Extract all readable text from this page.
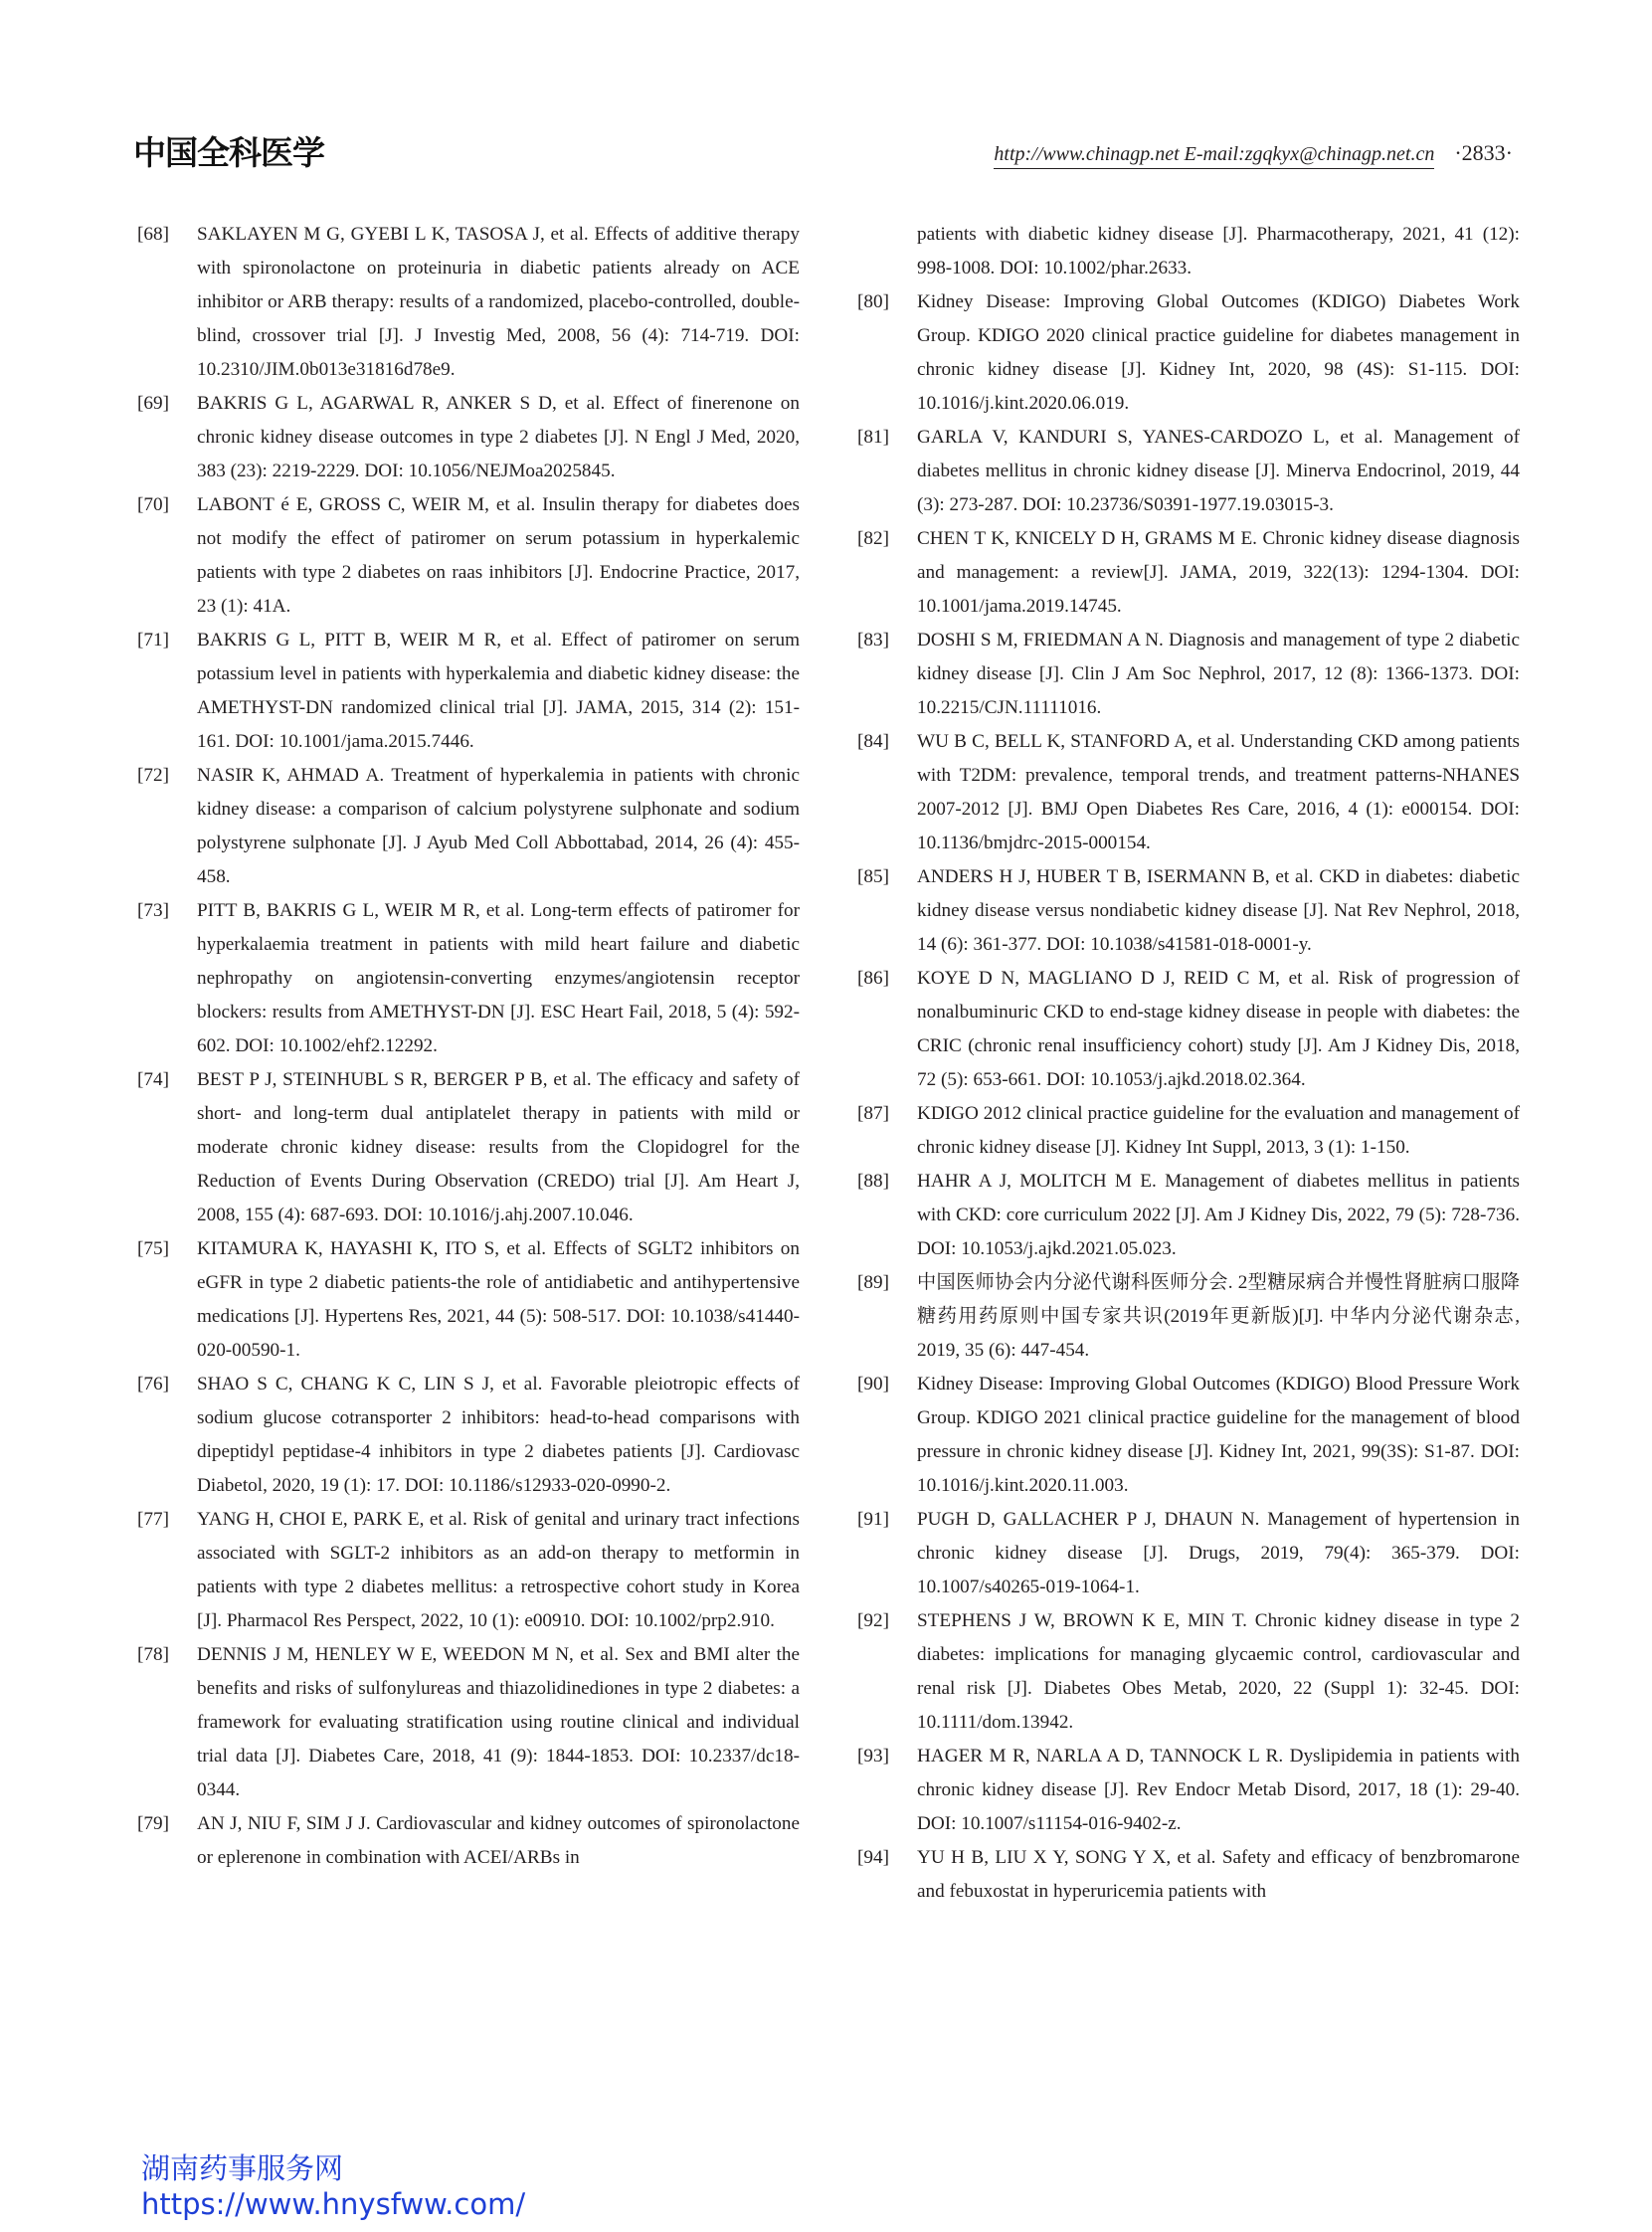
中国全科医学	http://www.chinagp.net E-mail:zgqkyx@chinagp.net.cn ·2833·
[68]	SAKLAYEN M G, GYEBI L K, TASOSA J, et al. Effects of additive therapy with spironolactone on proteinuria in diabetic patients already on ACE inhibitor or ARB therapy: results of a randomized, placebo-controlled, double-blind, crossover trial [J]. J Investig Med, 2008, 56 (4): 714-719. DOI: 10.2310/JIM.0b013e31816d78e9.
[69]	BAKRIS G L, AGARWAL R, ANKER S D, et al. Effect of finerenone on chronic kidney disease outcomes in type 2 diabetes [J]. N Engl J Med, 2020, 383 (23): 2219-2229. DOI: 10.1056/NEJMoa2025845.
[70]	LABONT é E, GROSS C, WEIR M, et al. Insulin therapy for diabetes does not modify the effect of patiromer on serum potassium in hyperkalemic patients with type 2 diabetes on raas inhibitors [J]. Endocrine Practice, 2017, 23 (1): 41A.
[71]	BAKRIS G L, PITT B, WEIR M R, et al. Effect of patiromer on serum potassium level in patients with hyperkalemia and diabetic kidney disease: the AMETHYST-DN randomized clinical trial [J]. JAMA, 2015, 314 (2): 151-161. DOI: 10.1001/jama.2015.7446.
[72]	NASIR K, AHMAD A. Treatment of hyperkalemia in patients with chronic kidney disease: a comparison of calcium polystyrene sulphonate and sodium polystyrene sulphonate [J]. J Ayub Med Coll Abbottabad, 2014, 26 (4): 455-458.
[73]	PITT B, BAKRIS G L, WEIR M R, et al. Long-term effects of patiromer for hyperkalaemia treatment in patients with mild heart failure and diabetic nephropathy on angiotensin-converting enzymes/angiotensin receptor blockers: results from AMETHYST-DN [J]. ESC Heart Fail, 2018, 5 (4): 592-602. DOI: 10.1002/ehf2.12292.
[74]	BEST P J, STEINHUBL S R, BERGER P B, et al. The efficacy and safety of short- and long-term dual antiplatelet therapy in patients with mild or moderate chronic kidney disease: results from the Clopidogrel for the Reduction of Events During Observation (CREDO) trial [J]. Am Heart J, 2008, 155 (4): 687-693. DOI: 10.1016/j.ahj.2007.10.046.
[75]	KITAMURA K, HAYASHI K, ITO S, et al. Effects of SGLT2 inhibitors on eGFR in type 2 diabetic patients-the role of antidiabetic and antihypertensive medications [J]. Hypertens Res, 2021, 44 (5): 508-517. DOI: 10.1038/s41440-020-00590-1.
[76]	SHAO S C, CHANG K C, LIN S J, et al. Favorable pleiotropic effects of sodium glucose cotransporter 2 inhibitors: head-to-head comparisons with dipeptidyl peptidase-4 inhibitors in type 2 diabetes patients [J]. Cardiovasc Diabetol, 2020, 19 (1): 17. DOI: 10.1186/s12933-020-0990-2.
[77]	YANG H, CHOI E, PARK E, et al. Risk of genital and urinary tract infections associated with SGLT-2 inhibitors as an add-on therapy to metformin in patients with type 2 diabetes mellitus: a retrospective cohort study in Korea [J]. Pharmacol Res Perspect, 2022, 10 (1): e00910. DOI: 10.1002/prp2.910.
[78]	DENNIS J M, HENLEY W E, WEEDON M N, et al. Sex and BMI alter the benefits and risks of sulfonylureas and thiazolidinediones in type 2 diabetes: a framework for evaluating stratification using routine clinical and individual trial data [J]. Diabetes Care, 2018, 41 (9): 1844-1853. DOI: 10.2337/dc18-0344.
[79]	AN J, NIU F, SIM J J. Cardiovascular and kidney outcomes of spironolactone or eplerenone in combination with ACEI/ARBs in
patients with diabetic kidney disease [J]. Pharmacotherapy, 2021, 41 (12): 998-1008. DOI: 10.1002/phar.2633.
[80]	Kidney Disease: Improving Global Outcomes (KDIGO) Diabetes Work Group. KDIGO 2020 clinical practice guideline for diabetes management in chronic kidney disease [J]. Kidney Int, 2020, 98 (4S): S1-115. DOI: 10.1016/j.kint.2020.06.019.
[81]	GARLA V, KANDURI S, YANES-CARDOZO L, et al. Management of diabetes mellitus in chronic kidney disease [J]. Minerva Endocrinol, 2019, 44 (3): 273-287. DOI: 10.23736/S0391-1977.19.03015-3.
[82]	CHEN T K, KNICELY D H, GRAMS M E. Chronic kidney disease diagnosis and management: a review[J]. JAMA, 2019, 322(13): 1294-1304. DOI: 10.1001/jama.2019.14745.
[83]	DOSHI S M, FRIEDMAN A N. Diagnosis and management of type 2 diabetic kidney disease [J]. Clin J Am Soc Nephrol, 2017, 12 (8): 1366-1373. DOI: 10.2215/CJN.11111016.
[84]	WU B C, BELL K, STANFORD A, et al. Understanding CKD among patients with T2DM: prevalence, temporal trends, and treatment patterns-NHANES 2007-2012 [J]. BMJ Open Diabetes Res Care, 2016, 4 (1): e000154. DOI: 10.1136/bmjdrc-2015-000154.
[85]	ANDERS H J, HUBER T B, ISERMANN B, et al. CKD in diabetes: diabetic kidney disease versus nondiabetic kidney disease [J]. Nat Rev Nephrol, 2018, 14 (6): 361-377. DOI: 10.1038/s41581-018-0001-y.
[86]	KOYE D N, MAGLIANO D J, REID C M, et al. Risk of progression of nonalbuminuric CKD to end-stage kidney disease in people with diabetes: the CRIC (chronic renal insufficiency cohort) study [J]. Am J Kidney Dis, 2018, 72 (5): 653-661. DOI: 10.1053/j.ajkd.2018.02.364.
[87]	KDIGO 2012 clinical practice guideline for the evaluation and management of chronic kidney disease [J]. Kidney Int Suppl, 2013, 3 (1): 1-150.
[88]	HAHR A J, MOLITCH M E. Management of diabetes mellitus in patients with CKD: core curriculum 2022 [J]. Am J Kidney Dis, 2022, 79 (5): 728-736. DOI: 10.1053/j.ajkd.2021.05.023.
[89]	中国医师协会内分泌代谢科医师分会. 2型糖尿病合并慢性肾脏病口服降糖药用药原则中国专家共识(2019年更新版)[J]. 中华内分泌代谢杂志, 2019, 35 (6): 447-454.
[90]	Kidney Disease: Improving Global Outcomes (KDIGO) Blood Pressure Work Group. KDIGO 2021 clinical practice guideline for the management of blood pressure in chronic kidney disease [J]. Kidney Int, 2021, 99(3S): S1-87. DOI: 10.1016/j.kint.2020.11.003.
[91]	PUGH D, GALLACHER P J, DHAUN N. Management of hypertension in chronic kidney disease [J]. Drugs, 2019, 79(4): 365-379. DOI: 10.1007/s40265-019-1064-1.
[92]	STEPHENS J W, BROWN K E, MIN T. Chronic kidney disease in type 2 diabetes: implications for managing glycaemic control, cardiovascular and renal risk [J]. Diabetes Obes Metab, 2020, 22 (Suppl 1): 32-45. DOI: 10.1111/dom.13942.
[93]	HAGER M R, NARLA A D, TANNOCK L R. Dyslipidemia in patients with chronic kidney disease [J]. Rev Endocr Metab Disord, 2017, 18 (1): 29-40. DOI: 10.1007/s11154-016-9402-z.
[94]	YU H B, LIU X Y, SONG Y X, et al. Safety and efficacy of benzbromarone and febuxostat in hyperuricemia patients with
湖南药事服务网
https://www.hnysfww.com/
